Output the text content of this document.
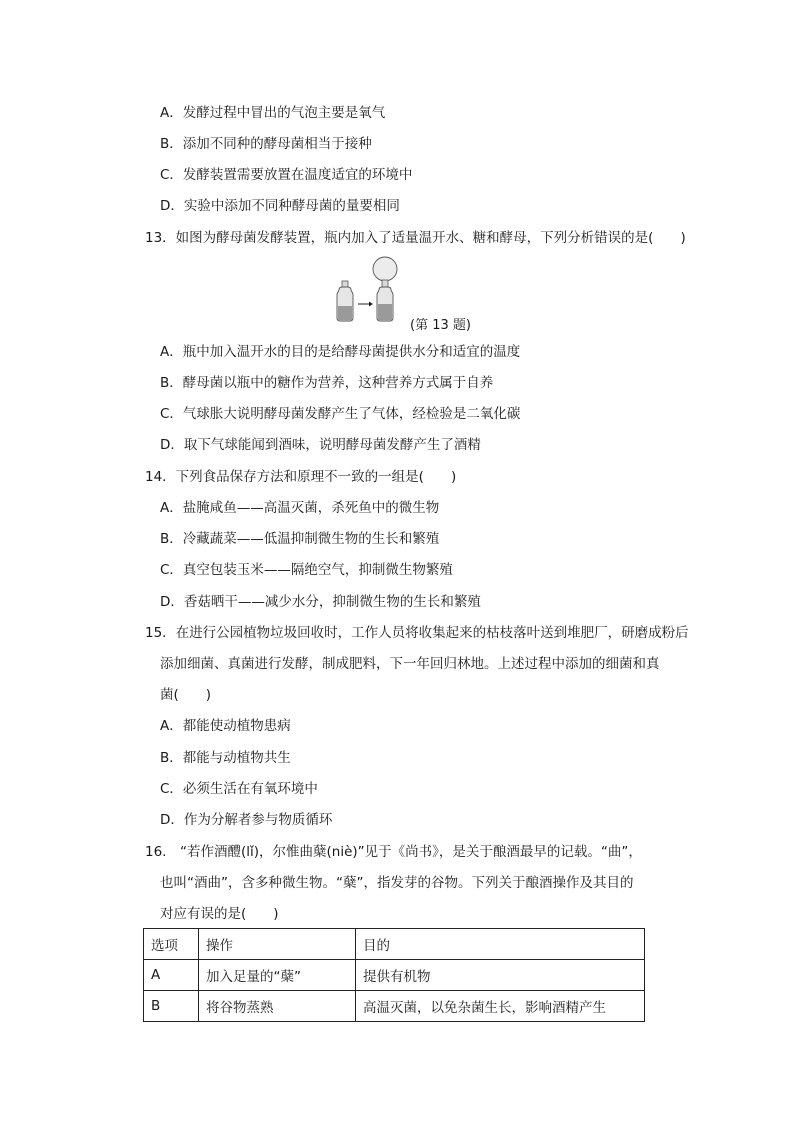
A．发酵过程中冒出的气泡主要是氧气
B．添加不同种的酵母菌相当于接种
C．发酵装置需要放置在温度适宜的环境中
D．实验中添加不同种酵母菌的量要相同
13．如图为酵母菌发酵装置，瓶内加入了适量温开水、糖和酵母，下列分析错误的是(　　)
(第 13 题)
A．瓶中加入温开水的目的是给酵母菌提供水分和适宜的温度
B．酵母菌以瓶中的糖作为营养，这种营养方式属于自养
C．气球胀大说明酵母菌发酵产生了气体，经检验是二氧化碳
D．取下气球能闻到酒味，说明酵母菌发酵产生了酒精
14．下列食品保存方法和原理不一致的一组是(　　)
A．盐腌咸鱼——高温灭菌，杀死鱼中的微生物
B．冷藏蔬菜——低温抑制微生物的生长和繁殖
C．真空包装玉米——隔绝空气，抑制微生物繁殖
D．香菇晒干——减少水分，抑制微生物的生长和繁殖
15．在进行公园植物垃圾回收时，工作人员将收集起来的枯枝落叶送到堆肥厂，研磨成粉后
添加细菌、真菌进行发酵，制成肥料，下一年回归林地。上述过程中添加的细菌和真
菌(　　)
A．都能使动植物患病
B．都能与动植物共生
C．必须生活在有氧环境中
D．作为分解者参与物质循环
16.　“若作酒醴(lǐ)，尔惟曲蘖(niè)”见于《尚书》，是关于酿酒最早的记载。“曲”，
也叫“酒曲”，含多种微生物。“蘖”，指发芽的谷物。下列关于酿酒操作及其目的
对应有误的是(　　)
选项	操作	目的
A	加入足量的“蘖”	提供有机物
B	将谷物蒸熟	高温灭菌，以免杂菌生长，影响酒精产生
